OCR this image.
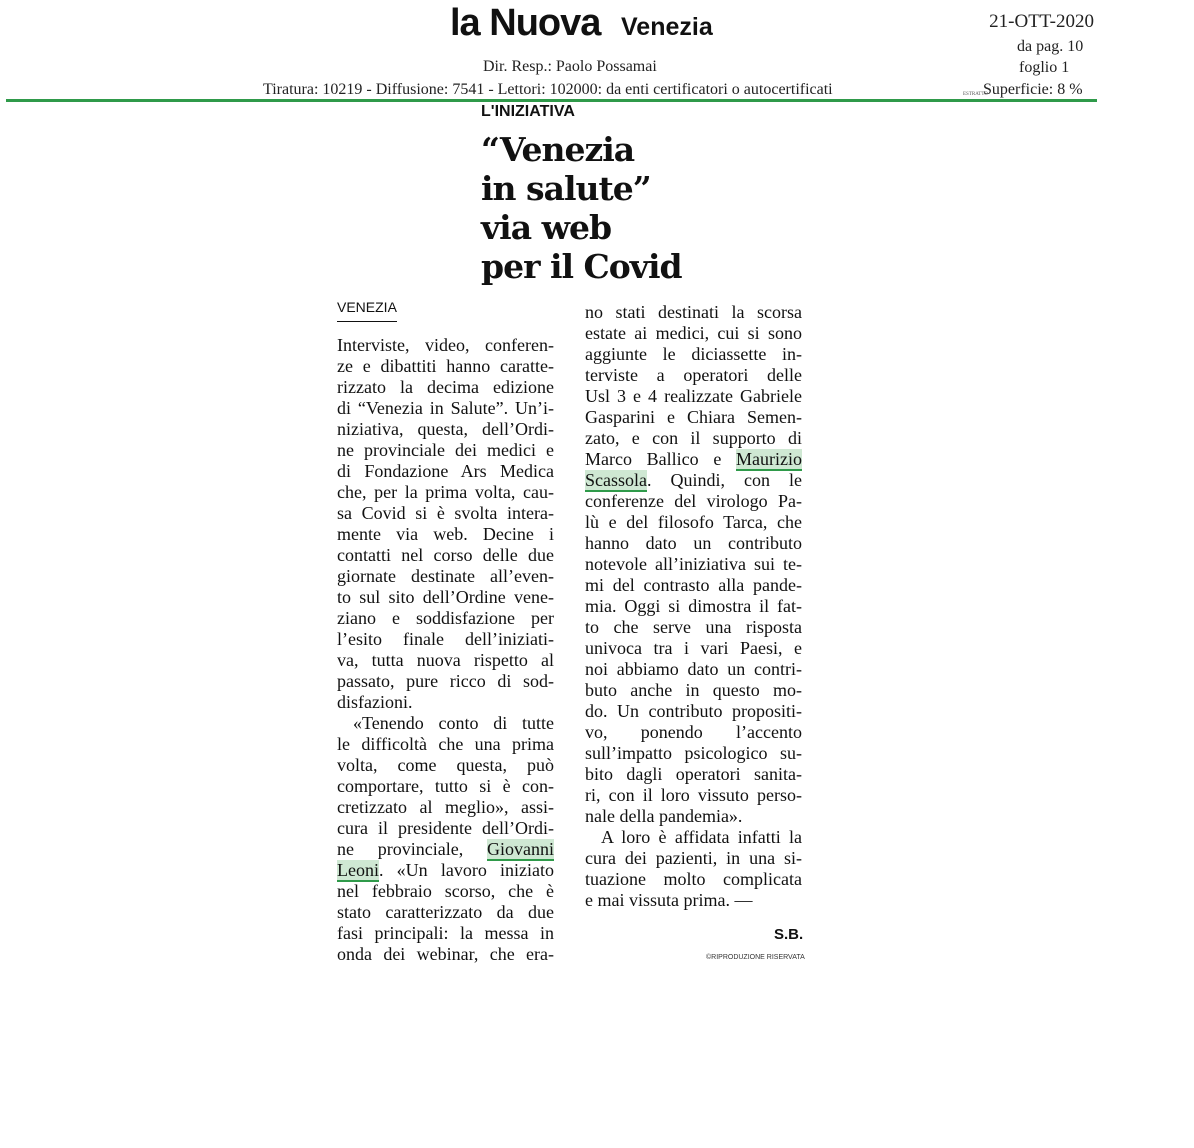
la Nuova Venezia	21-OTT-2020
da pag. 10
foglio 1
Dir. Resp.: Paolo Possamai
Tiratura: 10219 - Diffusione: 7541 - Lettori: 102000: da enti certificatori o autocertificati	Superficie: 8 %
ESTRATTO
L'INIZIATIVA
“Venezia
in salute”
via web
per il Covid
VENEZIA
Interviste, video, conferen-
ze e dibattiti hanno caratte-
rizzato la decima edizione
di “Venezia in Salute”. Un’i-
niziativa, questa, dell’Ordi-
ne provinciale dei medici e
di Fondazione Ars Medica
che, per la prima volta, cau-
sa Covid si è svolta intera-
mente via web. Decine i
contatti nel corso delle due
giornate destinate all’even-
to sul sito dell’Ordine vene-
ziano e soddisfazione per
l’esito finale dell’iniziati-
va, tutta nuova rispetto al
passato, pure ricco di sod-
disfazioni.
«Tenendo conto di tutte
le difficoltà che una prima
volta, come questa, può
comportare, tutto si è con-
cretizzato al meglio», assi-
cura il presidente dell’Ordi-
ne provinciale, Giovanni
Leoni. «Un lavoro iniziato
nel febbraio scorso, che è
stato caratterizzato da due
fasi principali: la messa in
onda dei webinar, che era-
no stati destinati la scorsa
estate ai medici, cui si sono
aggiunte le diciassette in-
terviste a operatori delle
Usl 3 e 4 realizzate Gabriele
Gasparini e Chiara Semen-
zato, e con il supporto di
Marco Ballico e Maurizio
Scassola. Quindi, con le
conferenze del virologo Pa-
lù e del filosofo Tarca, che
hanno dato un contributo
notevole all’iniziativa sui te-
mi del contrasto alla pande-
mia. Oggi si dimostra il fat-
to che serve una risposta
univoca tra i vari Paesi, e
noi abbiamo dato un contri-
buto anche in questo mo-
do. Un contributo propositi-
vo, ponendo l’accento
sull’impatto psicologico su-
bito dagli operatori sanita-
ri, con il loro vissuto perso-
nale della pandemia».
A loro è affidata infatti la
cura dei pazienti, in una si-
tuazione molto complicata
e mai vissuta prima. —
S.B.
©RIPRODUZIONE RISERVATA
